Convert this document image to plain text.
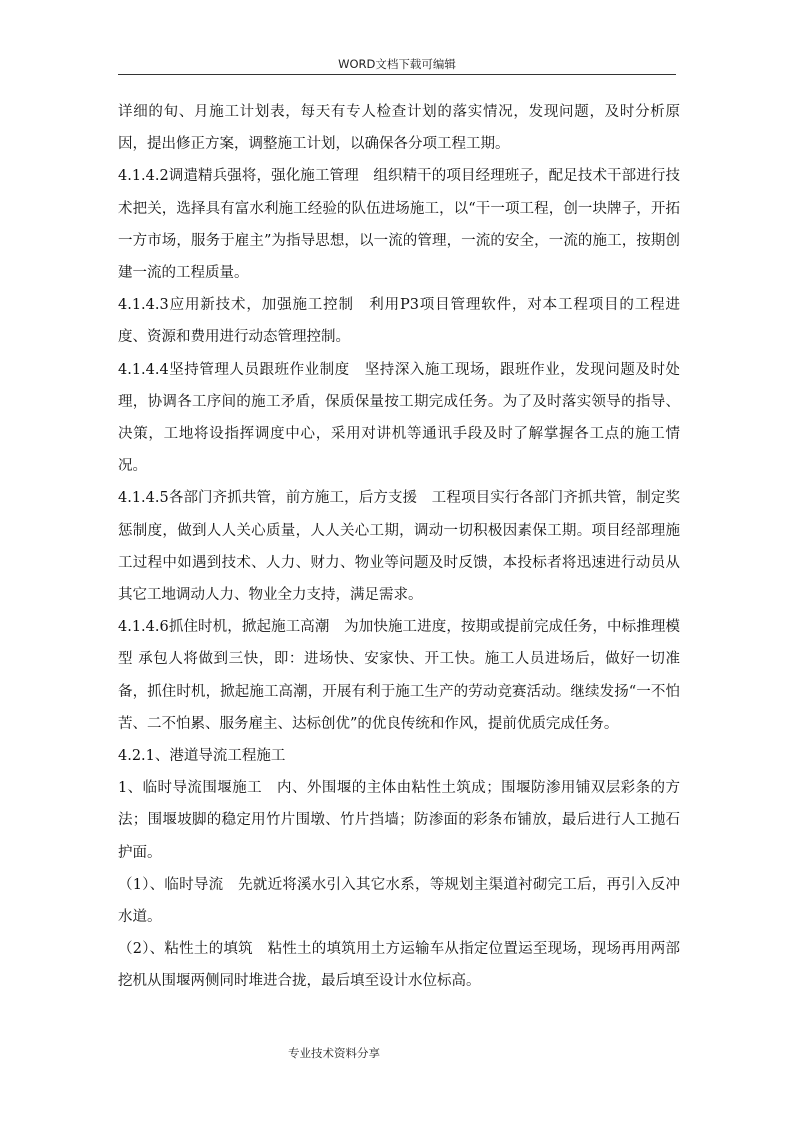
WORD文档下载可编辑

详细的旬、月施工计划表，每天有专人检查计划的落实情况，发现问题，及时分析原因，提出修正方案，调整施工计划，以确保各分项工程工期。

4.1.4.2调遣精兵强将，强化施工管理　组织精干的项目经理班子，配足技术干部进行技术把关，选择具有富水利施工经验的队伍进场施工，以“干一项工程，创一块牌子，开拓一方市场，服务于雇主”为指导思想，以一流的管理，一流的安全，一流的施工，按期创建一流的工程质量。

4.1.4.3应用新技术，加强施工控制　利用P3项目管理软件，对本工程项目的工程进度、资源和费用进行动态管理控制。

4.1.4.4坚持管理人员跟班作业制度　坚持深入施工现场，跟班作业，发现问题及时处理，协调各工序间的施工矛盾，保质保量按工期完成任务。为了及时落实领导的指导、决策，工地将设指挥调度中心，采用对讲机等通讯手段及时了解掌握各工点的施工情况。

4.1.4.5各部门齐抓共管，前方施工，后方支援　工程项目实行各部门齐抓共管，制定奖惩制度，做到人人关心质量，人人关心工期，调动一切积极因素保工期。项目经部理施工过程中如遇到技术、人力、财力、物业等问题及时反馈，本投标者将迅速进行动员从其它工地调动人力、物业全力支持，满足需求。

4.1.4.6抓住时机，掀起施工高潮　为加快施工进度，按期或提前完成任务，中标推理模型 承包人将做到三快，即：进场快、安家快、开工快。施工人员进场后，做好一切准备，抓住时机，掀起施工高潮，开展有利于施工生产的劳动竞赛活动。继续发扬“一不怕苦、二不怕累、服务雇主、达标创优”的优良传统和作风，提前优质完成任务。

4.2.1、港道导流工程施工

1、临时导流围堰施工　内、外围堰的主体由粘性土筑成；围堰防渗用铺双层彩条的方法；围堰坡脚的稳定用竹片围墩、竹片挡墙；防渗面的彩条布铺放，最后进行人工抛石护面。

（1）、临时导流　先就近将溪水引入其它水系，等规划主渠道衬砌完工后，再引入反冲水道。

（2）、粘性土的填筑　粘性土的填筑用土方运输车从指定位置运至现场，现场再用两部挖机从围堰两侧同时堆进合拢，最后填至设计水位标高。

专业技术资料分享
